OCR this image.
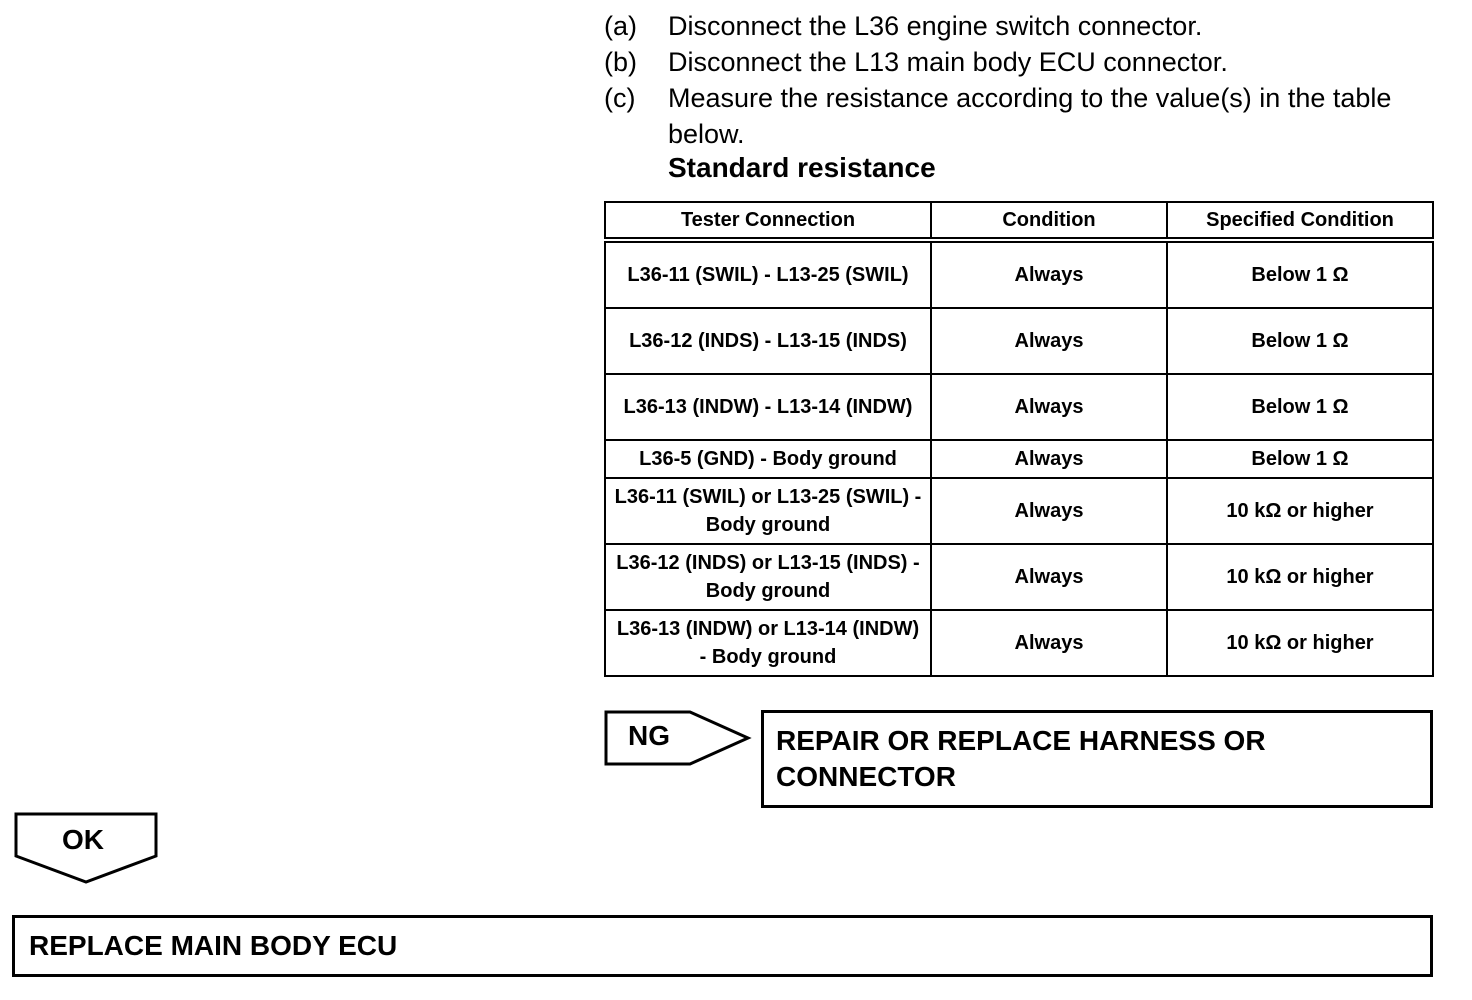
(a)	Disconnect the L36 engine switch connector.
(b)	Disconnect the L13 main body ECU connector.
(c)	Measure the resistance according to the value(s) in the table below.
Standard resistance
Tester Connection	Condition	Specified Condition
L36-11 (SWIL) - L13-25 (SWIL)	Always	Below 1 Ω
L36-12 (INDS) - L13-15 (INDS)	Always	Below 1 Ω
L36-13 (INDW) - L13-14 (INDW)	Always	Below 1 Ω
L36-5 (GND) - Body ground	Always	Below 1 Ω
L36-11 (SWIL) or L13-25 (SWIL) - Body ground	Always	10 kΩ or higher
L36-12 (INDS) or L13-15 (INDS) - Body ground	Always	10 kΩ or higher
L36-13 (INDW) or L13-14 (INDW) - Body ground	Always	10 kΩ or higher
NG	REPAIR OR REPLACE HARNESS OR CONNECTOR
OK
REPLACE MAIN BODY ECU
